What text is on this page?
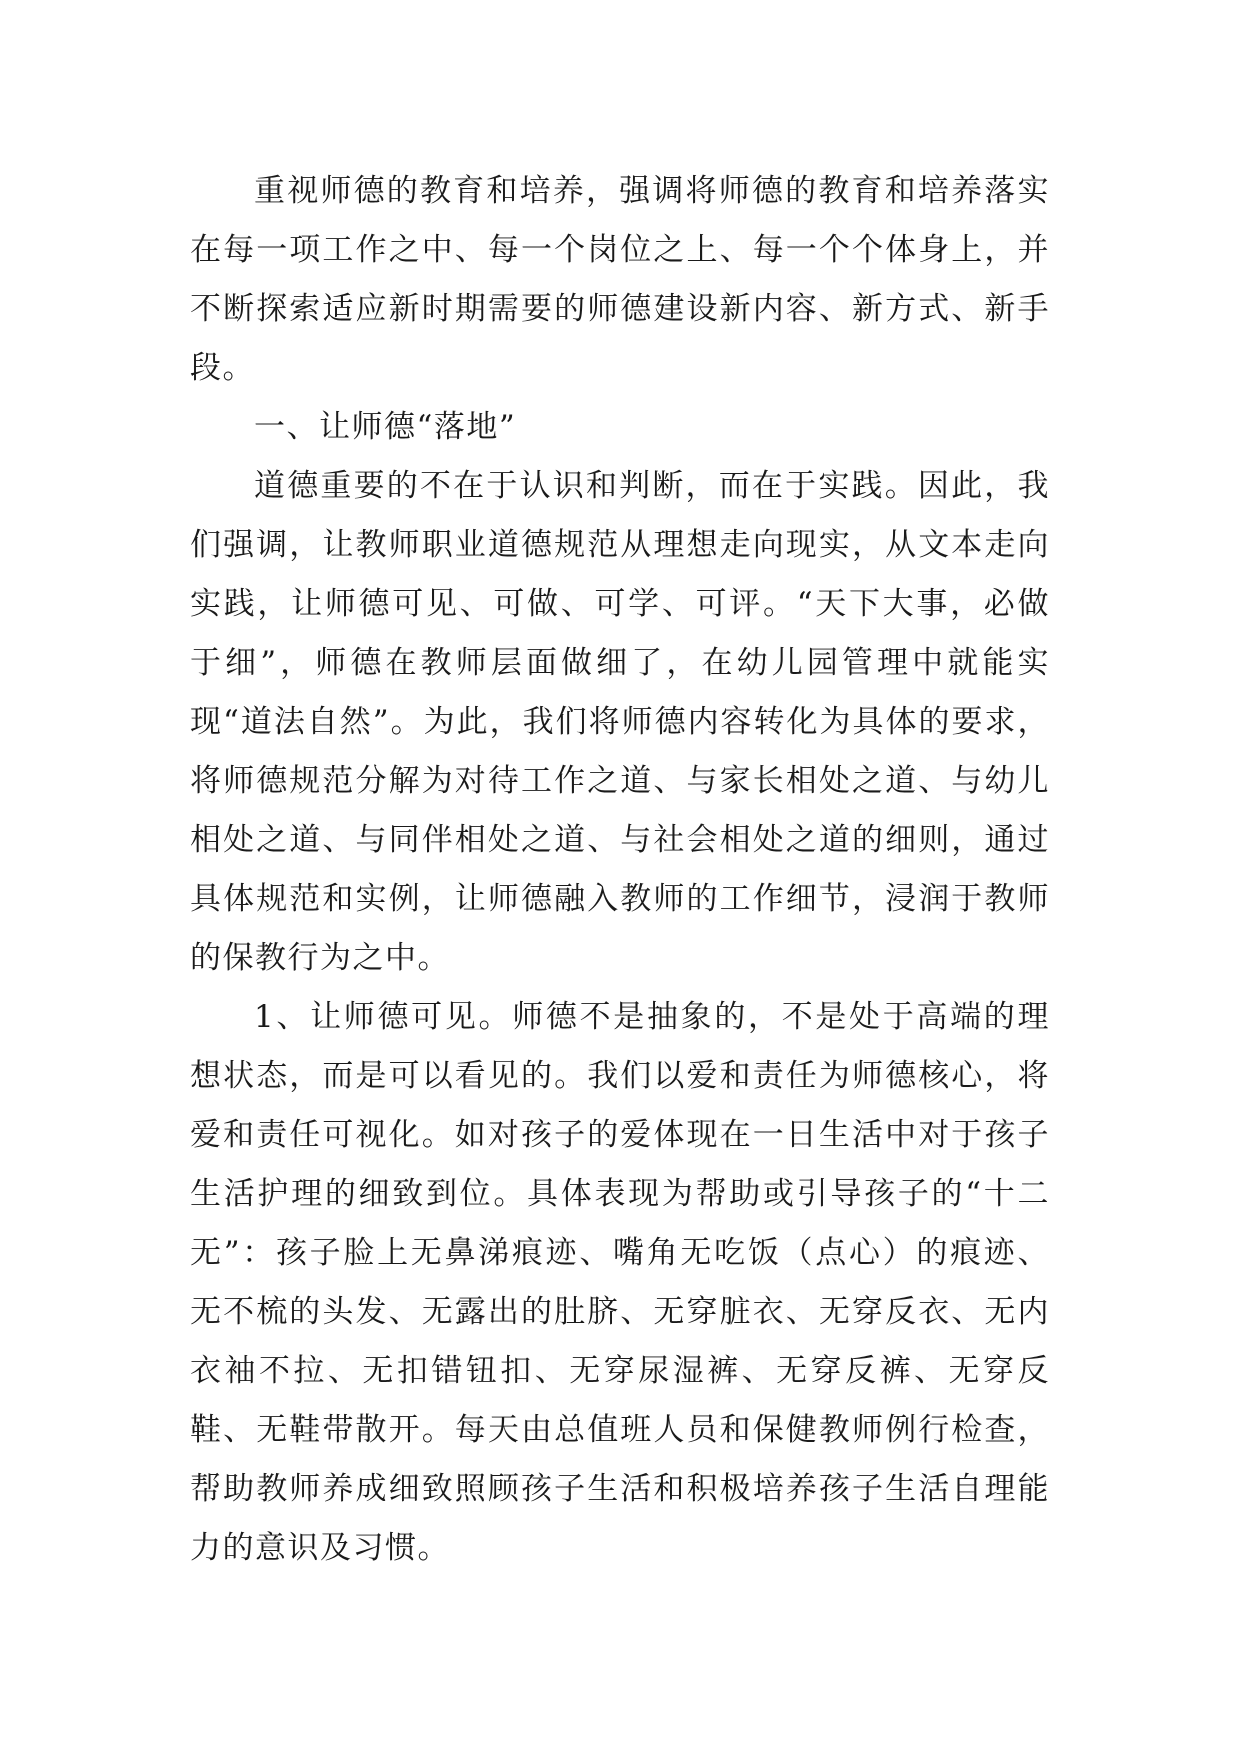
重视师德的教育和培养，强调将师德的教育和培养落实在每一项工作之中、每一个岗位之上、每一个个体身上，并不断探索适应新时期需要的师德建设新内容、新方式、新手段。

一、让师德“落地”

道德重要的不在于认识和判断，而在于实践。因此，我们强调，让教师职业道德规范从理想走向现实，从文本走向实践，让师德可见、可做、可学、可评。“天下大事，必做于细”，师德在教师层面做细了，在幼儿园管理中就能实现“道法自然”。为此，我们将师德内容转化为具体的要求，将师德规范分解为对待工作之道、与家长相处之道、与幼儿相处之道、与同伴相处之道、与社会相处之道的细则，通过具体规范和实例，让师德融入教师的工作细节，浸润于教师的保教行为之中。

1、让师德可见。师德不是抽象的，不是处于高端的理想状态，而是可以看见的。我们以爱和责任为师德核心，将爱和责任可视化。如对孩子的爱体现在一日生活中对于孩子生活护理的细致到位。具体表现为帮助或引导孩子的“十二无”：孩子脸上无鼻涕痕迹、嘴角无吃饭（点心）的痕迹、无不梳的头发、无露出的肚脐、无穿脏衣、无穿反衣、无内衣袖不拉、无扣错钮扣、无穿尿湿裤、无穿反裤、无穿反鞋、无鞋带散开。每天由总值班人员和保健教师例行检查，帮助教师养成细致照顾孩子生活和积极培养孩子生活自理能力的意识及习惯。
